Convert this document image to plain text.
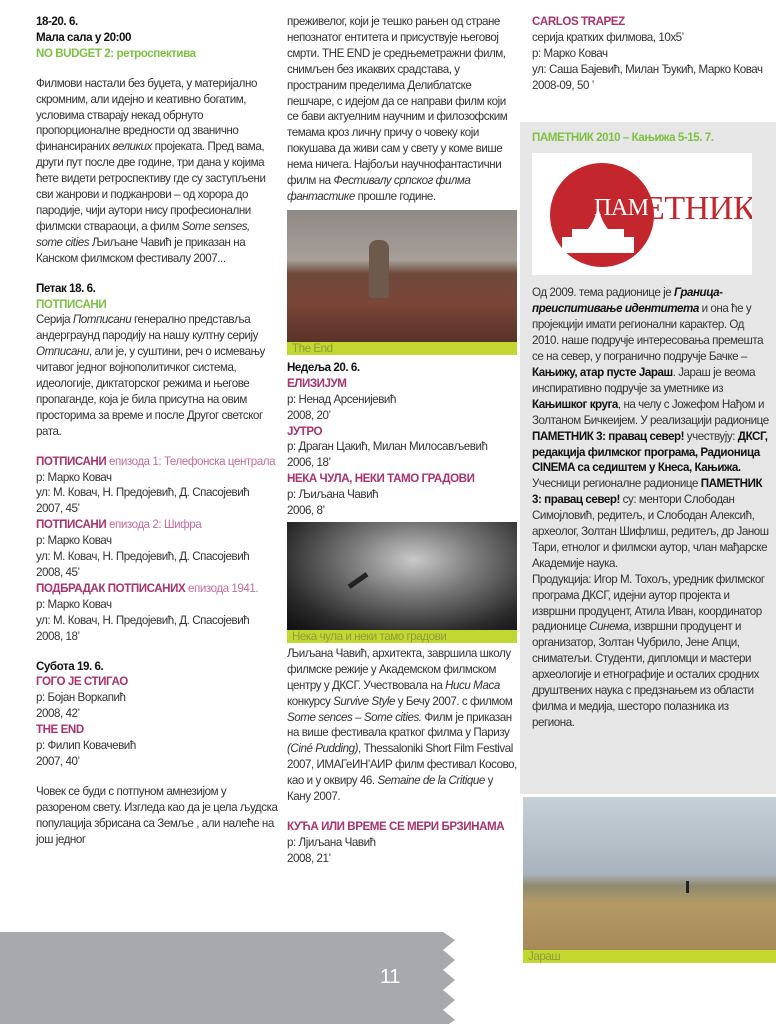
18-20. 6.

Мала сала у 20:00

NO BUDGET 2: ретроспектива

Филмови настали без буџета, у материјално скромним, али идејно и кеативно богатим, условима стварају некад обрнуто пропорционалне вредности од званично финансираних великих пројеката. Пред вама, други пут после две године, три дана у којима ћете видети ретроспективу где су заступљени сви жанрови и поджанрови – од хорора до пародије, чији аутори нису професионални филмски ствараоци, а филм Some senses, some cities Љиљане Чавић је приказан на Канском филмском фестивалу 2007...

Петак 18. 6.

ПОТПИСАНИ

Серија Потписани генерално представља андерграунд пародију на нашу култну серију Отписани, али је, у суштини, реч о исмевању читавог једног војнополитичког система, идеологије, диктаторског режима и његове пропаганде, која је била присутна на овим просторима за време и после Другог светског рата.

ПОТПИСАНИ епизода 1: Телефонска централа

р: Марко Ковач

ул: М. Ковач, Н. Предојевић, Д. Спасојевић

2007, 45’

ПОТПИСАНИ епизода 2: Шифра

р: Марко Ковач

ул: М. Ковач, Н. Предојевић, Д. Спасојевић

2008, 45’

ПОДБРАДАК ПОТПИСАНИХ епизода 1941.

р: Марко Ковач

ул: М. Ковач, Н. Предојевић, Д. Спасојевић

2008, 18’

Субота 19. 6.

ГОГО ЈЕ СТИГАО

р: Бојан Воркапић

2008, 42’

THE END

р: Филип Ковачевић

2007, 40’

Човек се буди с потпуном амнезијом у разореном свету. Изгледа као да је цела људска популација збрисана са Земље , али налеће на још једног

преживелог, који је тешко рањен од стране непознатог ентитета и присуствује његовој смрти. THE END је средњеметражни филм, снимљен без икаквих срадстава, у пространим пределима Делиблатске пешчаре, с идејом да се направи филм који се бави актуелним научним и филозофским темама кроз личну причу о човеку који покушава да живи сам у свету у коме више нема ничега. Најбољи научнофантастични филм на Фестивалу српског филма фантастике прошле године.

The End

Недеља 20. 6.

ЕЛИЗИЈУМ

р: Ненад Арсенијевић

2008, 20’

ЈУТРО

р: Драган Цакић, Милан Милосављевић

2006, 18’

НЕКА ЧУЛА, НЕКИ ТАМО ГРАДОВИ

р: Љиљана Чавић

2006, 8’

Нека чула и неки тамо градови

Љиљана Чавић, архитекта, завршила школу филмске режије у Академском филмском центру у ДКСГ. Учествовала на Ниси Маса конкурсу Survive Style у Бечу 2007. с филмом Some sences – Some cities. Филм је приказан на више фестивала кратког филма у Паризу (Ciné Pudding), Thessaloniki Short Film Festival 2007, ИМАГеИН’АИР филм фестивал Косово, као и у оквиру 46. Semaine de la Critique у Кану 2007.

КУЋА ИЛИ ВРЕМЕ СЕ МЕРИ БРЗИНАМА

р: Лјиљана Чавић

2008, 21’

CARLOS TRAPEZ

серија кратких филмова, 10x5’

р: Марко Ковач

ул: Саша Бајевић, Милан Ђукић, Марко Ковач

2008-09, 50 ’

ПАМЕТНИК 2010 – Кањижа 5-15. 7.

ПАМ
ЕТНИК

Од 2009. тема радионице је Граница-преиспитивање идентитета и она ће у пројекцији имати регионални карактер. Од 2010. наше подручје интересовања премешта се на север, у погранично подручје Бачке – Кањижу, атар пусте Јараш. Јараш је веома инспиративно подручје за уметнике из Кањишког круга, на челу с Јожефом Нађом и Золтаном Бичкеијем. У реализацији радионице ПАМЕТНИК 3: правац север! учествују: ДКСГ, редакција филмског програма, Радионица CINEMA са седиштем у Кнеса, Кањижа.
Учесници регионалне радионице ПАМЕТНИК 3: правац север! су: ментори Слободан Симојловић, редитељ, и Слободан Алексић, археолог, Золтан Шифлиш, редитељ, др Јанош Тари, етнолог и филмски аутор, члан мађарске Академије наука.
Продукција: Игор М. Тохољ, уредник филмског програма ДКСГ, идејни аутор пројекта и извршни продуцент, Атила Иван, координатор радионице Синема, извршни продуцент и организатор, Золтан Чубрило, Јене Апци, сниматељи. Студенти, дипломци и мастери археологије и етнографије и осталих сродних друштвених наука с предзнањем из области филма и медија, шесторо полазника из региона.

Јараш
11
